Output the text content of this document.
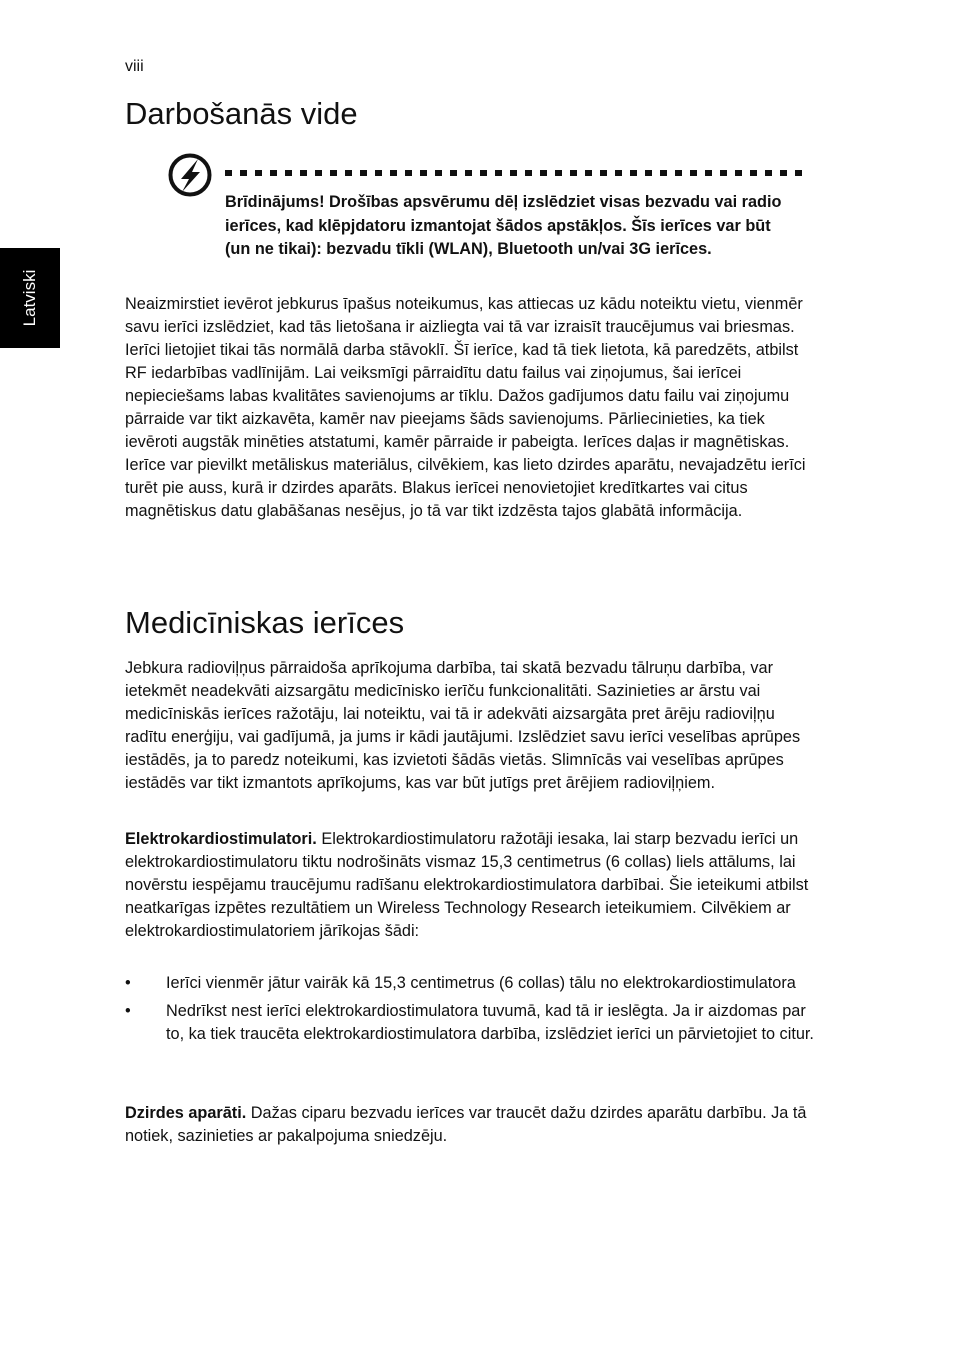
viii
Latviski
Darbošanās vide

Brīdinājums! Drošības apsvērumu dēļ izslēdziet visas bezvadu vai radio ierīces, kad klēpjdatoru izmantojat šādos apstākļos. Šīs ierīces var būt (un ne tikai): bezvadu tīkli (WLAN), Bluetooth un/vai 3G ierīces.

Neaizmirstiet ievērot jebkurus īpašus noteikumus, kas attiecas uz kādu noteiktu vietu, vienmēr savu ierīci izslēdziet, kad tās lietošana ir aizliegta vai tā var izraisīt traucējumus vai briesmas. Ierīci lietojiet tikai tās normālā darba stāvoklī. Šī ierīce, kad tā tiek lietota, kā paredzēts, atbilst RF iedarbības vadlīnijām. Lai veiksmīgi pārraidītu datu failus vai ziņojumus, šai ierīcei nepieciešams labas kvalitātes savienojums ar tīklu. Dažos gadījumos datu failu vai ziņojumu pārraide var tikt aizkavēta, kamēr nav pieejams šāds savienojums. Pārliecinieties, ka tiek ievēroti augstāk minēties atstatumi, kamēr pārraide ir pabeigta. Ierīces daļas ir magnētiskas. Ierīce var pievilkt metāliskus materiālus, cilvēkiem, kas lieto dzirdes aparātu, nevajadzētu ierīci turēt pie auss, kurā ir dzirdes aparāts. Blakus ierīcei nenovietojiet kredītkartes vai citus magnētiskus datu glabāšanas nesējus, jo tā var tikt izdzēsta tajos glabātā informācija.

Medicīniskas ierīces

Jebkura radioviļņus pārraidoša aprīkojuma darbība, tai skatā bezvadu tālruņu darbība, var ietekmēt neadekvāti aizsargātu medicīnisko ierīču funkcionalitāti. Sazinieties ar ārstu vai medicīniskās ierīces ražotāju, lai noteiktu, vai tā ir adekvāti aizsargāta pret ārēju radioviļņu radītu enerģiju, vai gadījumā, ja jums ir kādi jautājumi. Izslēdziet savu ierīci veselības aprūpes iestādēs, ja to paredz noteikumi, kas izvietoti šādās vietās. Slimnīcās vai veselības aprūpes iestādēs var tikt izmantots aprīkojums, kas var būt jutīgs pret ārējiem radioviļņiem.

Elektrokardiostimulatori. Elektrokardiostimulatoru ražotāji iesaka, lai starp bezvadu ierīci un elektrokardiostimulatoru tiktu nodrošināts vismaz 15,3 centimetrus (6 collas) liels attālums, lai novērstu iespējamu traucējumu radīšanu elektrokardiostimulatora darbībai. Šie ieteikumi atbilst neatkarīgas izpētes rezultātiem un Wireless Technology Research ieteikumiem. Cilvēkiem ar elektrokardiostimulatoriem jārīkojas šādi:

• Ierīci vienmēr jātur vairāk kā 15,3 centimetrus (6 collas) tālu no elektrokardiostimulatora
• Nedrīkst nest ierīci elektrokardiostimulatora tuvumā, kad tā ir ieslēgta. Ja ir aizdomas par to, ka tiek traucēta elektrokardiostimulatora darbība, izslēdziet ierīci un pārvietojiet to citur.

Dzirdes aparāti. Dažas ciparu bezvadu ierīces var traucēt dažu dzirdes aparātu darbību. Ja tā notiek, sazinieties ar pakalpojuma sniedzēju.
